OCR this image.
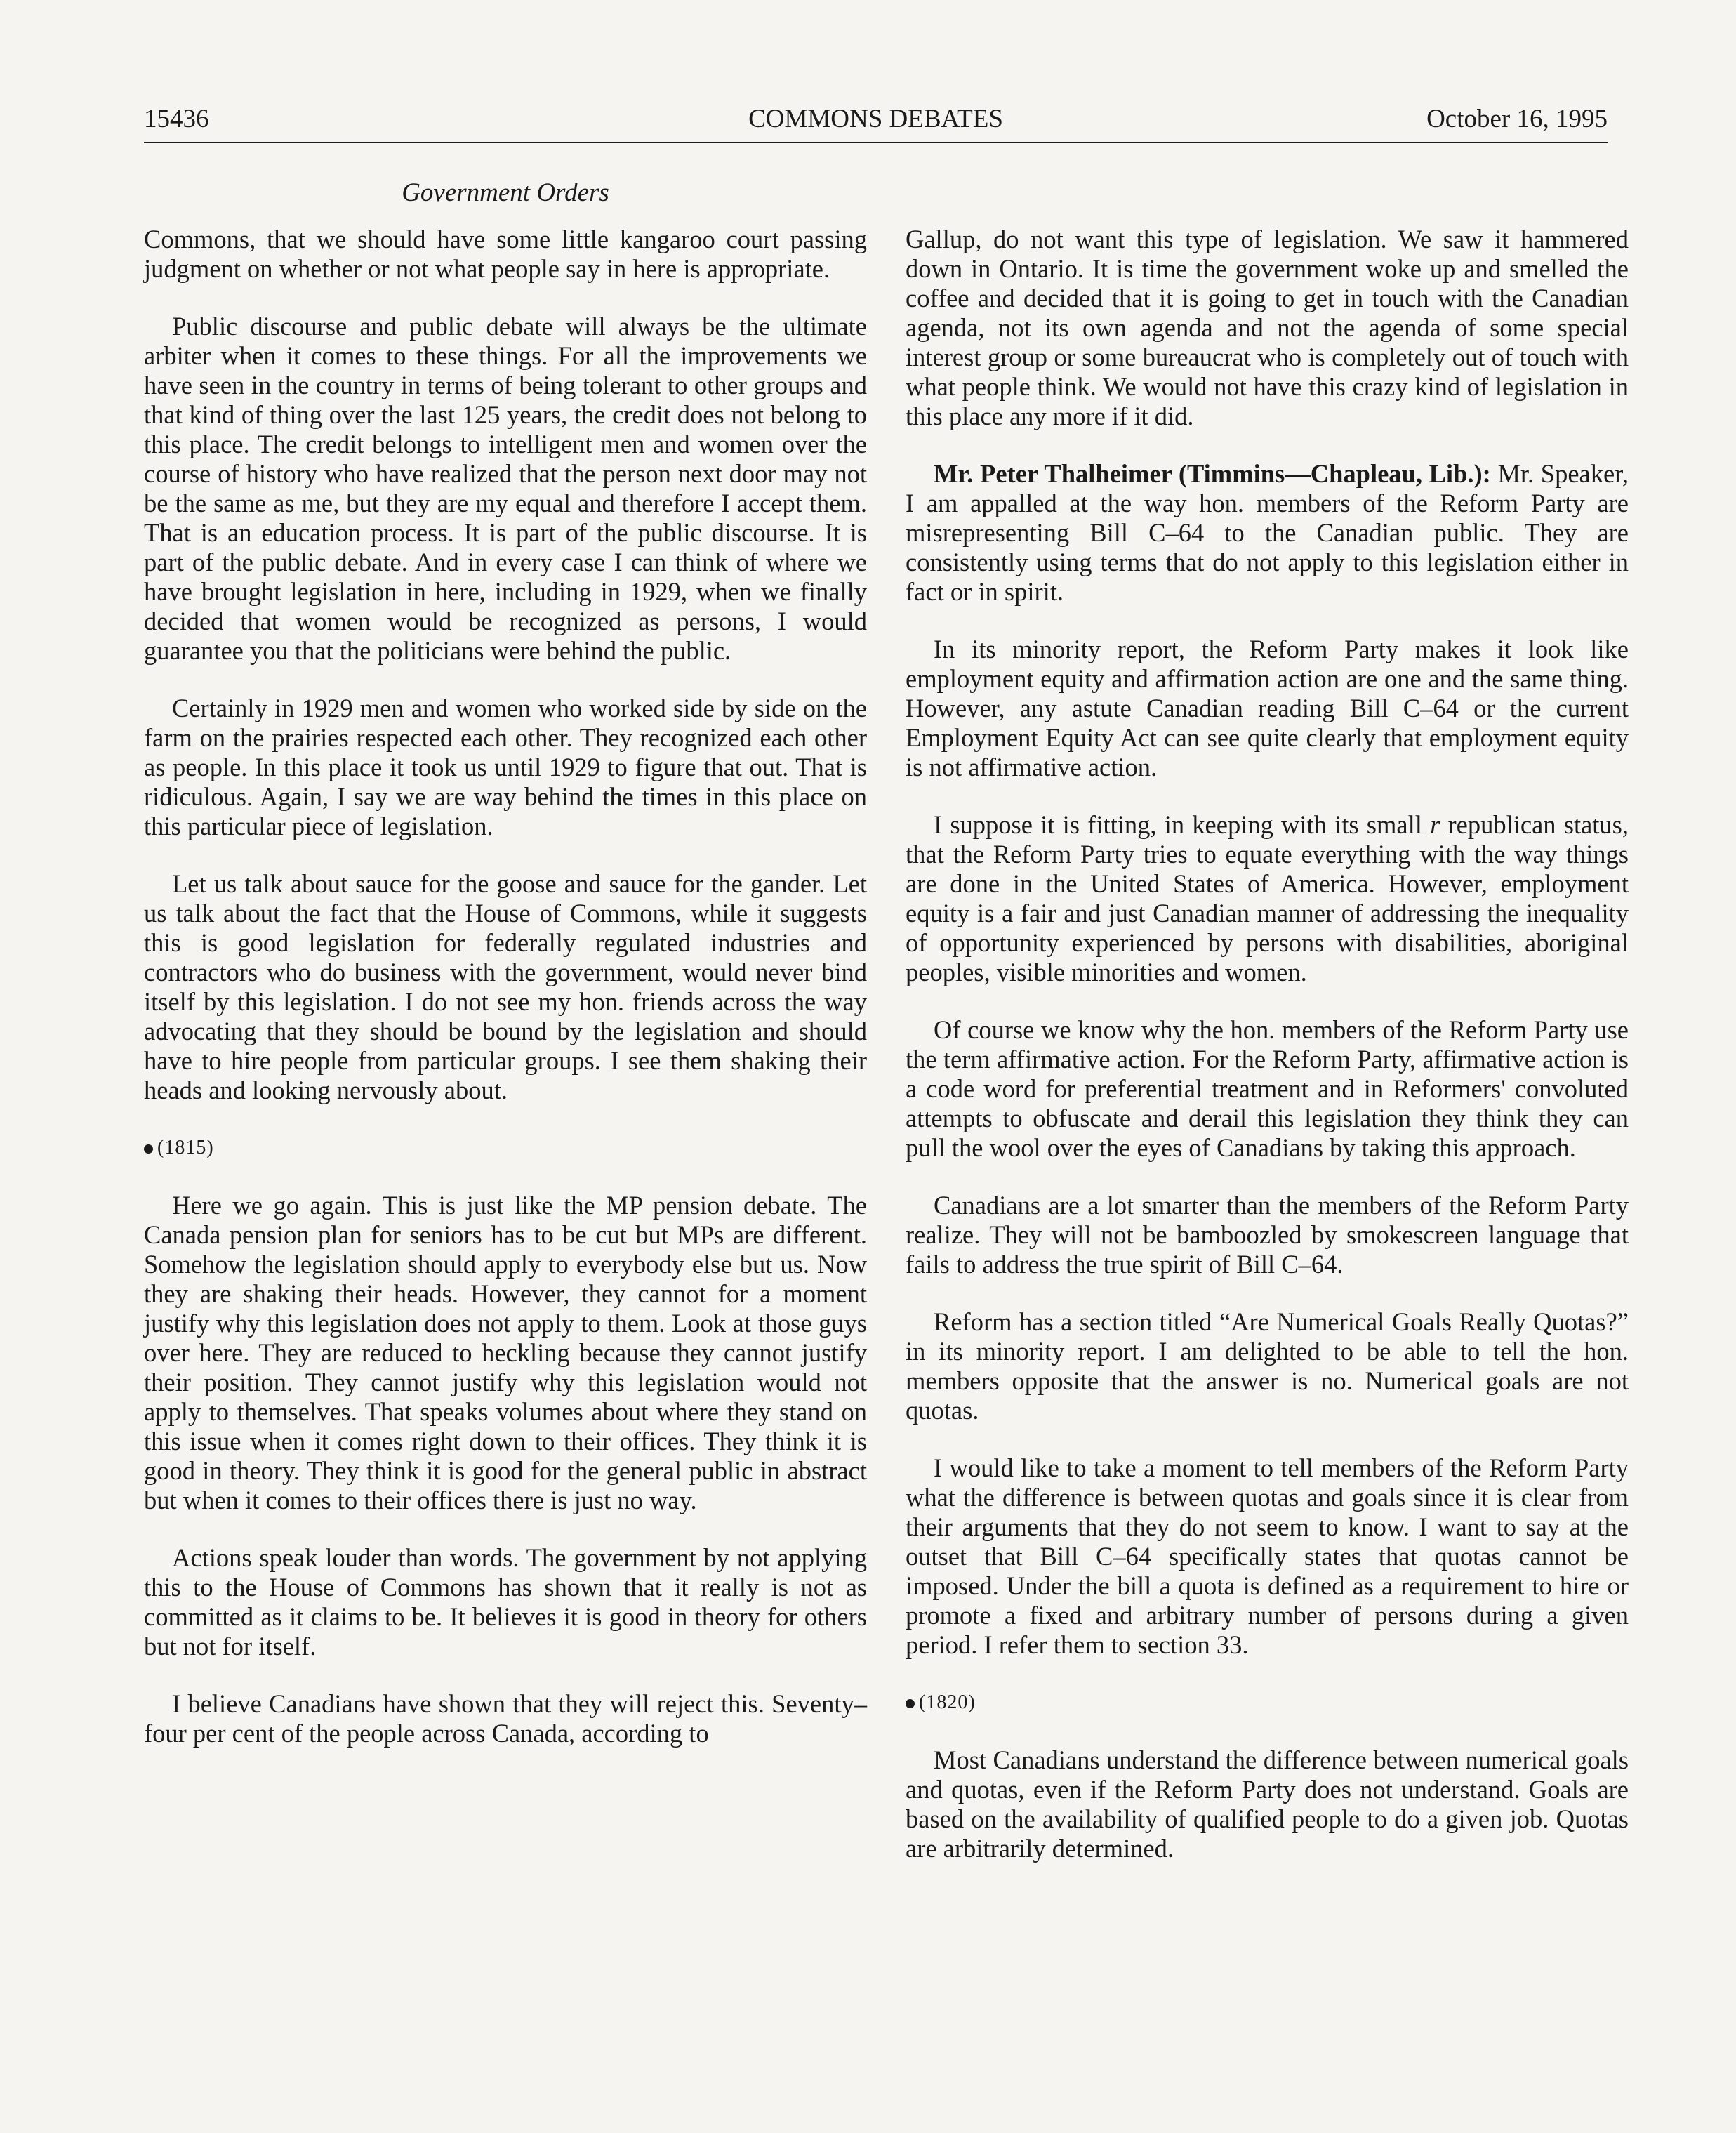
15436	COMMONS DEBATES	October 16, 1995
Government Orders

Commons, that we should have some little kangaroo court passing judgment on whether or not what people say in here is appropriate.

Public discourse and public debate will always be the ultimate arbiter when it comes to these things. For all the improvements we have seen in the country in terms of being tolerant to other groups and that kind of thing over the last 125 years, the credit does not belong to this place. The credit belongs to intelligent men and women over the course of history who have realized that the person next door may not be the same as me, but they are my equal and therefore I accept them. That is an education process. It is part of the public discourse. It is part of the public debate. And in every case I can think of where we have brought legislation in here, including in 1929, when we finally decided that women would be recognized as persons, I would guarantee you that the politicians were behind the public.

Certainly in 1929 men and women who worked side by side on the farm on the prairies respected each other. They recognized each other as people. In this place it took us until 1929 to figure that out. That is ridiculous. Again, I say we are way behind the times in this place on this particular piece of legislation.

Let us talk about sauce for the goose and sauce for the gander. Let us talk about the fact that the House of Commons, while it suggests this is good legislation for federally regulated industries and contractors who do business with the government, would never bind itself by this legislation. I do not see my hon. friends across the way advocating that they should be bound by the legislation and should have to hire people from particular groups. I see them shaking their heads and looking nervously about.

(1815)

Here we go again. This is just like the MP pension debate. The Canada pension plan for seniors has to be cut but MPs are different. Somehow the legislation should apply to everybody else but us. Now they are shaking their heads. However, they cannot for a moment justify why this legislation does not apply to them. Look at those guys over here. They are reduced to heckling because they cannot justify their position. They cannot justify why this legislation would not apply to themselves. That speaks volumes about where they stand on this issue when it comes right down to their offices. They think it is good in theory. They think it is good for the general public in abstract but when it comes to their offices there is just no way.

Actions speak louder than words. The government by not applying this to the House of Commons has shown that it really is not as committed as it claims to be. It believes it is good in theory for others but not for itself.

I believe Canadians have shown that they will reject this. Seventy–four per cent of the people across Canada, according to

Gallup, do not want this type of legislation. We saw it hammered down in Ontario. It is time the government woke up and smelled the coffee and decided that it is going to get in touch with the Canadian agenda, not its own agenda and not the agenda of some special interest group or some bureaucrat who is completely out of touch with what people think. We would not have this crazy kind of legislation in this place any more if it did.

Mr. Peter Thalheimer (Timmins—Chapleau, Lib.): Mr. Speaker, I am appalled at the way hon. members of the Reform Party are misrepresenting Bill C–64 to the Canadian public. They are consistently using terms that do not apply to this legislation either in fact or in spirit.

In its minority report, the Reform Party makes it look like employment equity and affirmation action are one and the same thing. However, any astute Canadian reading Bill C–64 or the current Employment Equity Act can see quite clearly that employment equity is not affirmative action.

I suppose it is fitting, in keeping with its small r republican status, that the Reform Party tries to equate everything with the way things are done in the United States of America. However, employment equity is a fair and just Canadian manner of addressing the inequality of opportunity experienced by persons with disabilities, aboriginal peoples, visible minorities and women.

Of course we know why the hon. members of the Reform Party use the term affirmative action. For the Reform Party, affirmative action is a code word for preferential treatment and in Reformers' convoluted attempts to obfuscate and derail this legislation they think they can pull the wool over the eyes of Canadians by taking this approach.

Canadians are a lot smarter than the members of the Reform Party realize. They will not be bamboozled by smokescreen language that fails to address the true spirit of Bill C–64.

Reform has a section titled “Are Numerical Goals Really Quotas?” in its minority report. I am delighted to be able to tell the hon. members opposite that the answer is no. Numerical goals are not quotas.

I would like to take a moment to tell members of the Reform Party what the difference is between quotas and goals since it is clear from their arguments that they do not seem to know. I want to say at the outset that Bill C–64 specifically states that quotas cannot be imposed. Under the bill a quota is defined as a requirement to hire or promote a fixed and arbitrary number of persons during a given period. I refer them to section 33.

(1820)

Most Canadians understand the difference between numerical goals and quotas, even if the Reform Party does not understand. Goals are based on the availability of qualified people to do a given job. Quotas are arbitrarily determined.
